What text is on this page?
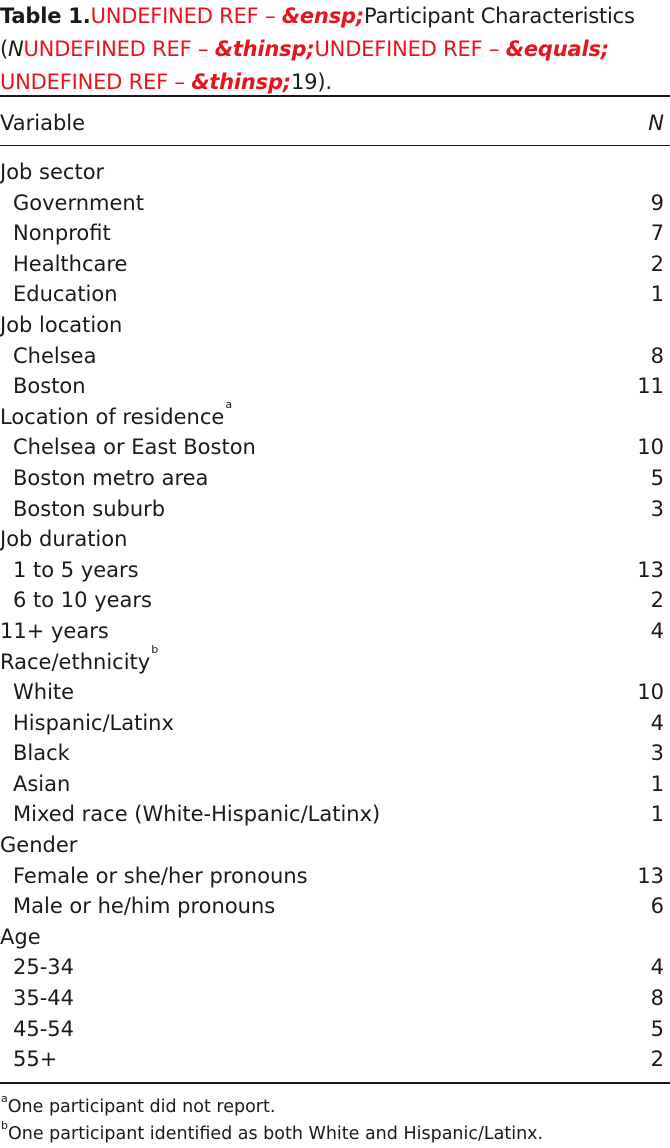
Table 1.UNDEFINED REF – &ensp;Participant Characteristics
(NUNDEFINED REF – &thinsp;UNDEFINED REF – &equals;
UNDEFINED REF – &thinsp;19).
Variable	N
Job sector
Government	9
Nonprofit	7
Healthcare	2
Education	1
Job location
Chelsea	8
Boston	11
Location of residence$^a$
Chelsea or East Boston	10
Boston metro area	5
Boston suburb	3
Job duration
1 to 5 years	13
6 to 10 years	2
11+ years	4
Race/ethnicity$^b$
White	10
Hispanic/Latinx	4
Black	3
Asian	1
Mixed race (White-Hispanic/Latinx)	1
Gender
Female or she/her pronouns	13
Male or he/him pronouns	6
Age
25-34	4
35-44	8
45-54	5
55+	2
$^a$One participant did not report.
$^b$One participant identified as both White and Hispanic/Latinx.
